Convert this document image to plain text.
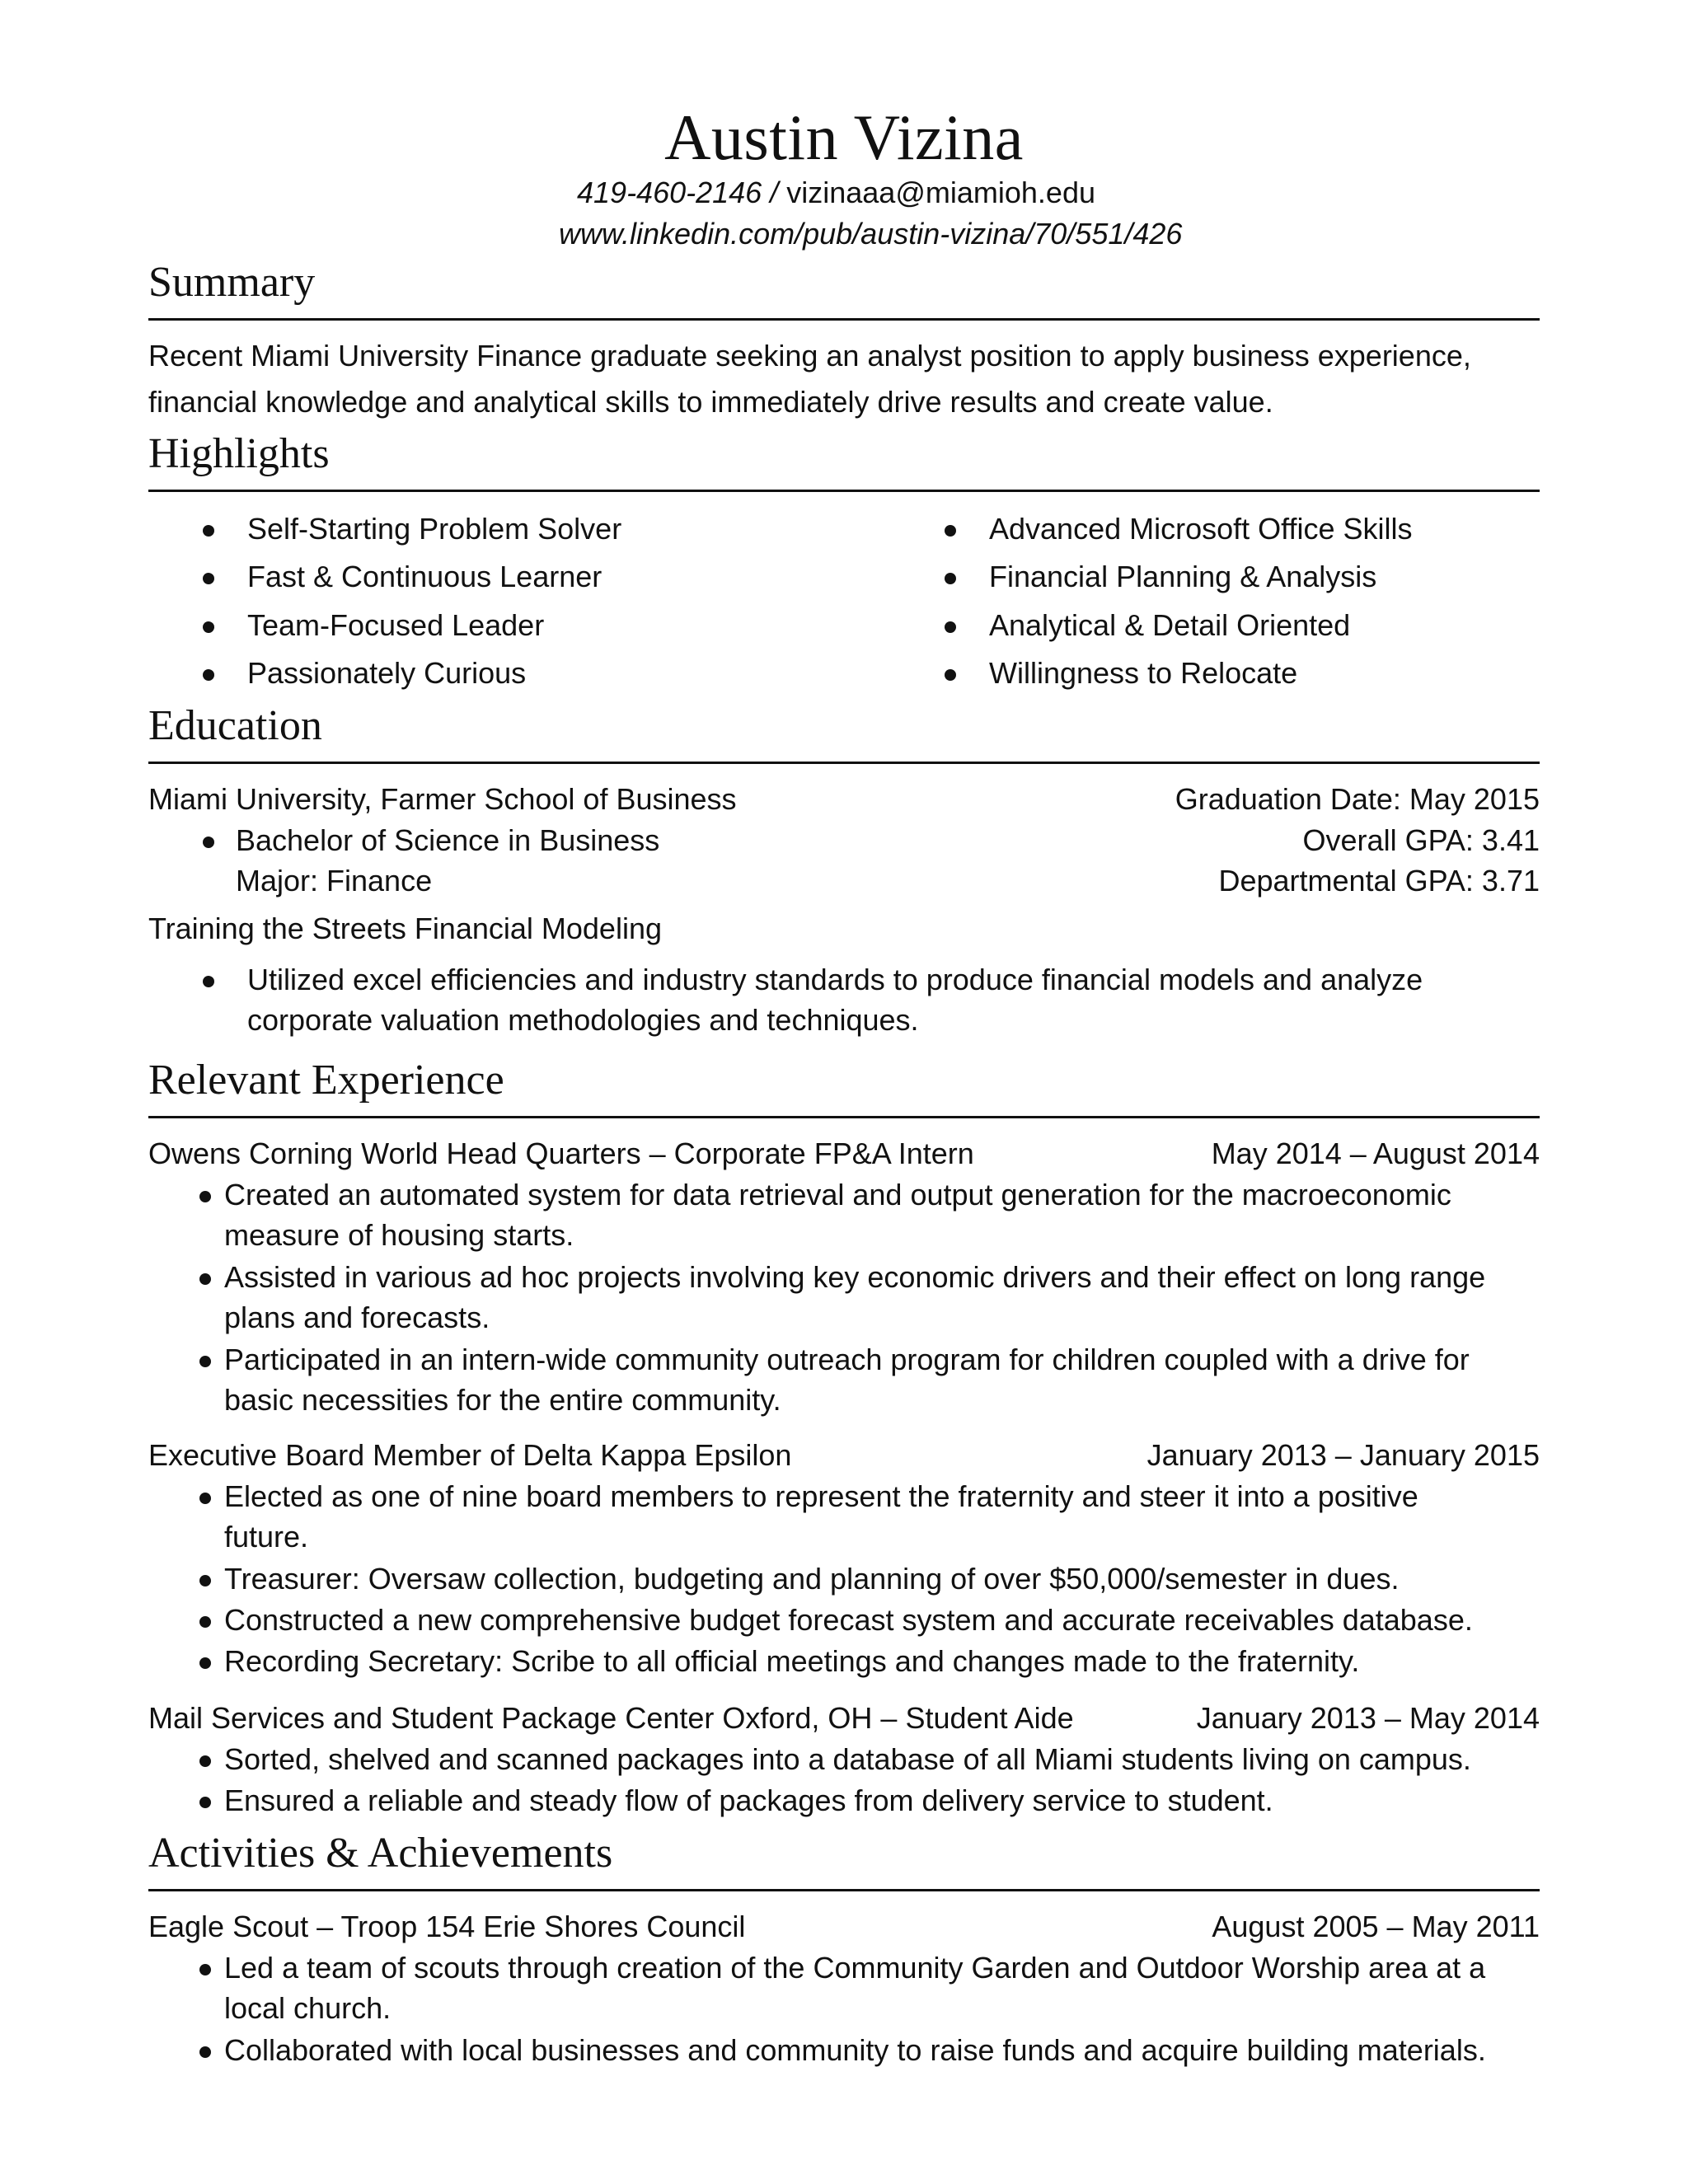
Austin Vizina
419-460-2146 / vizinaaa@miamioh.edu
www.linkedin.com/pub/austin-vizina/70/551/426
Summary
Recent Miami University Finance graduate seeking an analyst position to apply business experience,
financial knowledge and analytical skills to immediately drive results and create value.
Highlights
Self-Starting Problem Solver
Fast & Continuous Learner
Team-Focused Leader
Passionately Curious
Advanced Microsoft Office Skills
Financial Planning & Analysis
Analytical & Detail Oriented
Willingness to Relocate
Education
Miami University, Farmer School of Business	Graduation Date: May 2015
Bachelor of Science in Business	Overall GPA: 3.41
Major: Finance	Departmental GPA: 3.71
Training the Streets Financial Modeling
Utilized excel efficiencies and industry standards to produce financial models and analyze
corporate valuation methodologies and techniques.
Relevant Experience
Owens Corning World Head Quarters – Corporate FP&A Intern	May 2014 – August 2014
Created an automated system for data retrieval and output generation for the macroeconomic
measure of housing starts.
Assisted in various ad hoc projects involving key economic drivers and their effect on long range
plans and forecasts.
Participated in an intern-wide community outreach program for children coupled with a drive for
basic necessities for the entire community.
Executive Board Member of Delta Kappa Epsilon	January 2013 – January 2015
Elected as one of nine board members to represent the fraternity and steer it into a positive
future.
Treasurer: Oversaw collection, budgeting and planning of over $50,000/semester in dues.
Constructed a new comprehensive budget forecast system and accurate receivables database.
Recording Secretary: Scribe to all official meetings and changes made to the fraternity.
Mail Services and Student Package Center Oxford, OH – Student Aide	January 2013 – May 2014
Sorted, shelved and scanned packages into a database of all Miami students living on campus.
Ensured a reliable and steady flow of packages from delivery service to student.
Activities & Achievements
Eagle Scout – Troop 154 Erie Shores Council	August 2005 – May 2011
Led a team of scouts through creation of the Community Garden and Outdoor Worship area at a
local church.
Collaborated with local businesses and community to raise funds and acquire building materials.
